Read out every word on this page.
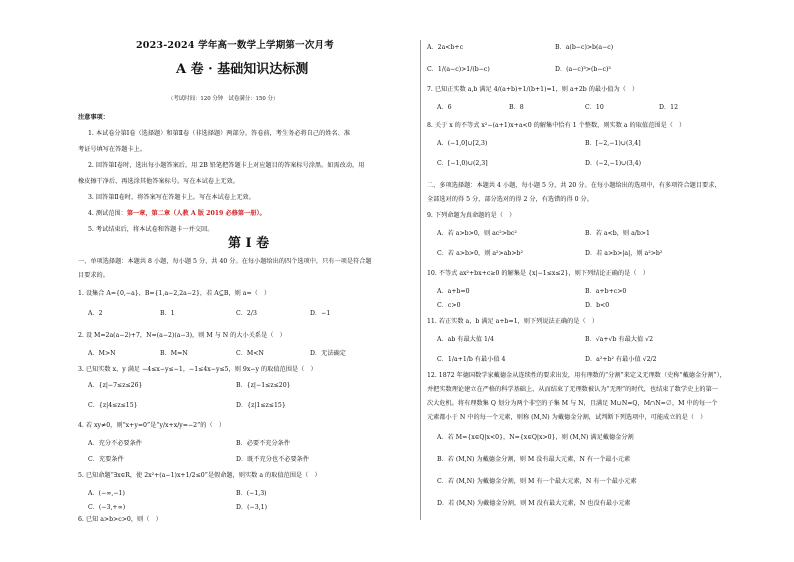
2023-2024 学年高一数学上学期第一次月考
A 卷 · 基础知识达标测
（考试时间：120 分钟　试卷满分：150 分）
注意事项：
1. 本试卷分第Ⅰ卷（选择题）和第Ⅱ卷（非选择题）两部分。答卷前，考生务必将自己的姓名、准
考证号填写在答题卡上。
2. 回答第Ⅰ卷时，选出每小题答案后，用 2B 铅笔把答题卡上对应题目的答案标号涂黑。如需改动，用
橡皮擦干净后，再选涂其他答案标号。写在本试卷上无效。
3. 回答第Ⅱ卷时，将答案写在答题卡上。写在本试卷上无效。
4. 测试范围：第一章，第二章（人教 A 版 2019 必修第一册）。
5. 考试结束后，将本试卷和答题卡一并交回。
第 Ⅰ 卷
一、单项选择题：本题共 8 小题，每小题 5 分，共 40 分。在每小题给出的四个选项中，只有一项是符合题
目要求的。
1. 设集合 A={0,−a}，B={1,a−2,2a−2}，若 A⊆B，则 a=（　）
A．2	B．1	C．2/3	D．−1
2. 设 M=2a(a−2)+7，N=(a−2)(a−3)，则 M 与 N 的大小关系是（　）
A．M>N	B．M=N	C．M<N	D．无法确定
3. 已知实数 x，y 满足 −4≤x−y≤−1，−1≤4x−y≤5，则 9x−y 的取值范围是（　）
A．{z|−7≤z≤26}	B．{z|−1≤z≤20}
C．{z|4≤z≤15}	D．{z|1≤z≤15}
4. 若 xy≠0，则“x+y=0”是“y/x+x/y=−2”的（　）
A．充分不必要条件	B．必要不充分条件
C．充要条件	D．既不充分也不必要条件
5. 已知命题“∃x∈R，使 2x²+(a−1)x+1/2≤0”是假命题，则实数 a 的取值范围是（　）
A．(−∞,−1)	B．(−1,3)
C．(−3,+∞)	D．(−3,1)
6. 已知 a>b>c>0，则（　）
A．2a<b+c	B．a(b−c)>b(a−c)
C．1/(a−c)>1/(b−c)	D．(a−c)³>(b−c)³
7. 已知正实数 a,b 满足 4/(a+b)+1/(b+1)=1，则 a+2b 的最小值为（　）
A．6	B．8	C．10	D．12
8. 关于 x 的不等式 x²−(a+1)x+a<0 的解集中恰有 1 个整数，则实数 a 的取值范围是（　）
A．(−1,0]∪[2,3)	B．[−2,−1)∪(3,4]
C．[−1,0)∪(2,3]	D．(−2,−1)∪(3,4)
二、多项选择题：本题共 4 小题，每小题 5 分，共 20 分。在每小题给出的选项中，有多项符合题目要求，
全部选对的得 5 分，部分选对的得 2 分，有选错的得 0 分。
9. 下列命题为真命题的是（　）
A．若 a>b>0，则 ac²>bc²	B．若 a<b，则 a/b>1
C．若 a>b>0，则 a²>ab>b²	D．若 a>b>|a|，则 a²>b²
10. 不等式 ax²+bx+c≥0 的解集是 {x|−1≤x≤2}，则下列结论正确的是（　）
A．a+b=0	B．a+b+c>0
C．c>0	D．b<0
11. 若正实数 a，b 满足 a+b=1，则下列说法正确的是（　）
A．ab 有最大值 1/4	B．√a+√b 有最大值 √2
C．1/a+1/b 有最小值 4	D．a²+b² 有最小值 √2/2
12. 1872 年德国数学家戴德金从连续性的要求出发，用有理数的“分割”来定义无理数（史称“戴德金分割”），
并把实数理论建立在严格的科学基础上，从而结束了无理数被认为“无理”的时代，也结束了数学史上的第一
次大危机。将有理数集 Q 划分为两个非空的子集 M 与 N，且满足 M∪N=Q，M∩N=∅，M 中的每一个
元素都小于 N 中的每一个元素，则称 (M,N) 为戴德金分割，试判断下列选项中，可能成立的是（　）
A．若 M={x∈Q|x<0}，N={x∈Q|x>0}，则 (M,N) 满足戴德金分割
B．若 (M,N) 为戴德金分割，则 M 没有最大元素，N 有一个最小元素
C．若 (M,N) 为戴德金分割，则 M 有一个最大元素，N 有一个最小元素
D．若 (M,N) 为戴德金分割，则 M 没有最大元素，N 也没有最小元素
